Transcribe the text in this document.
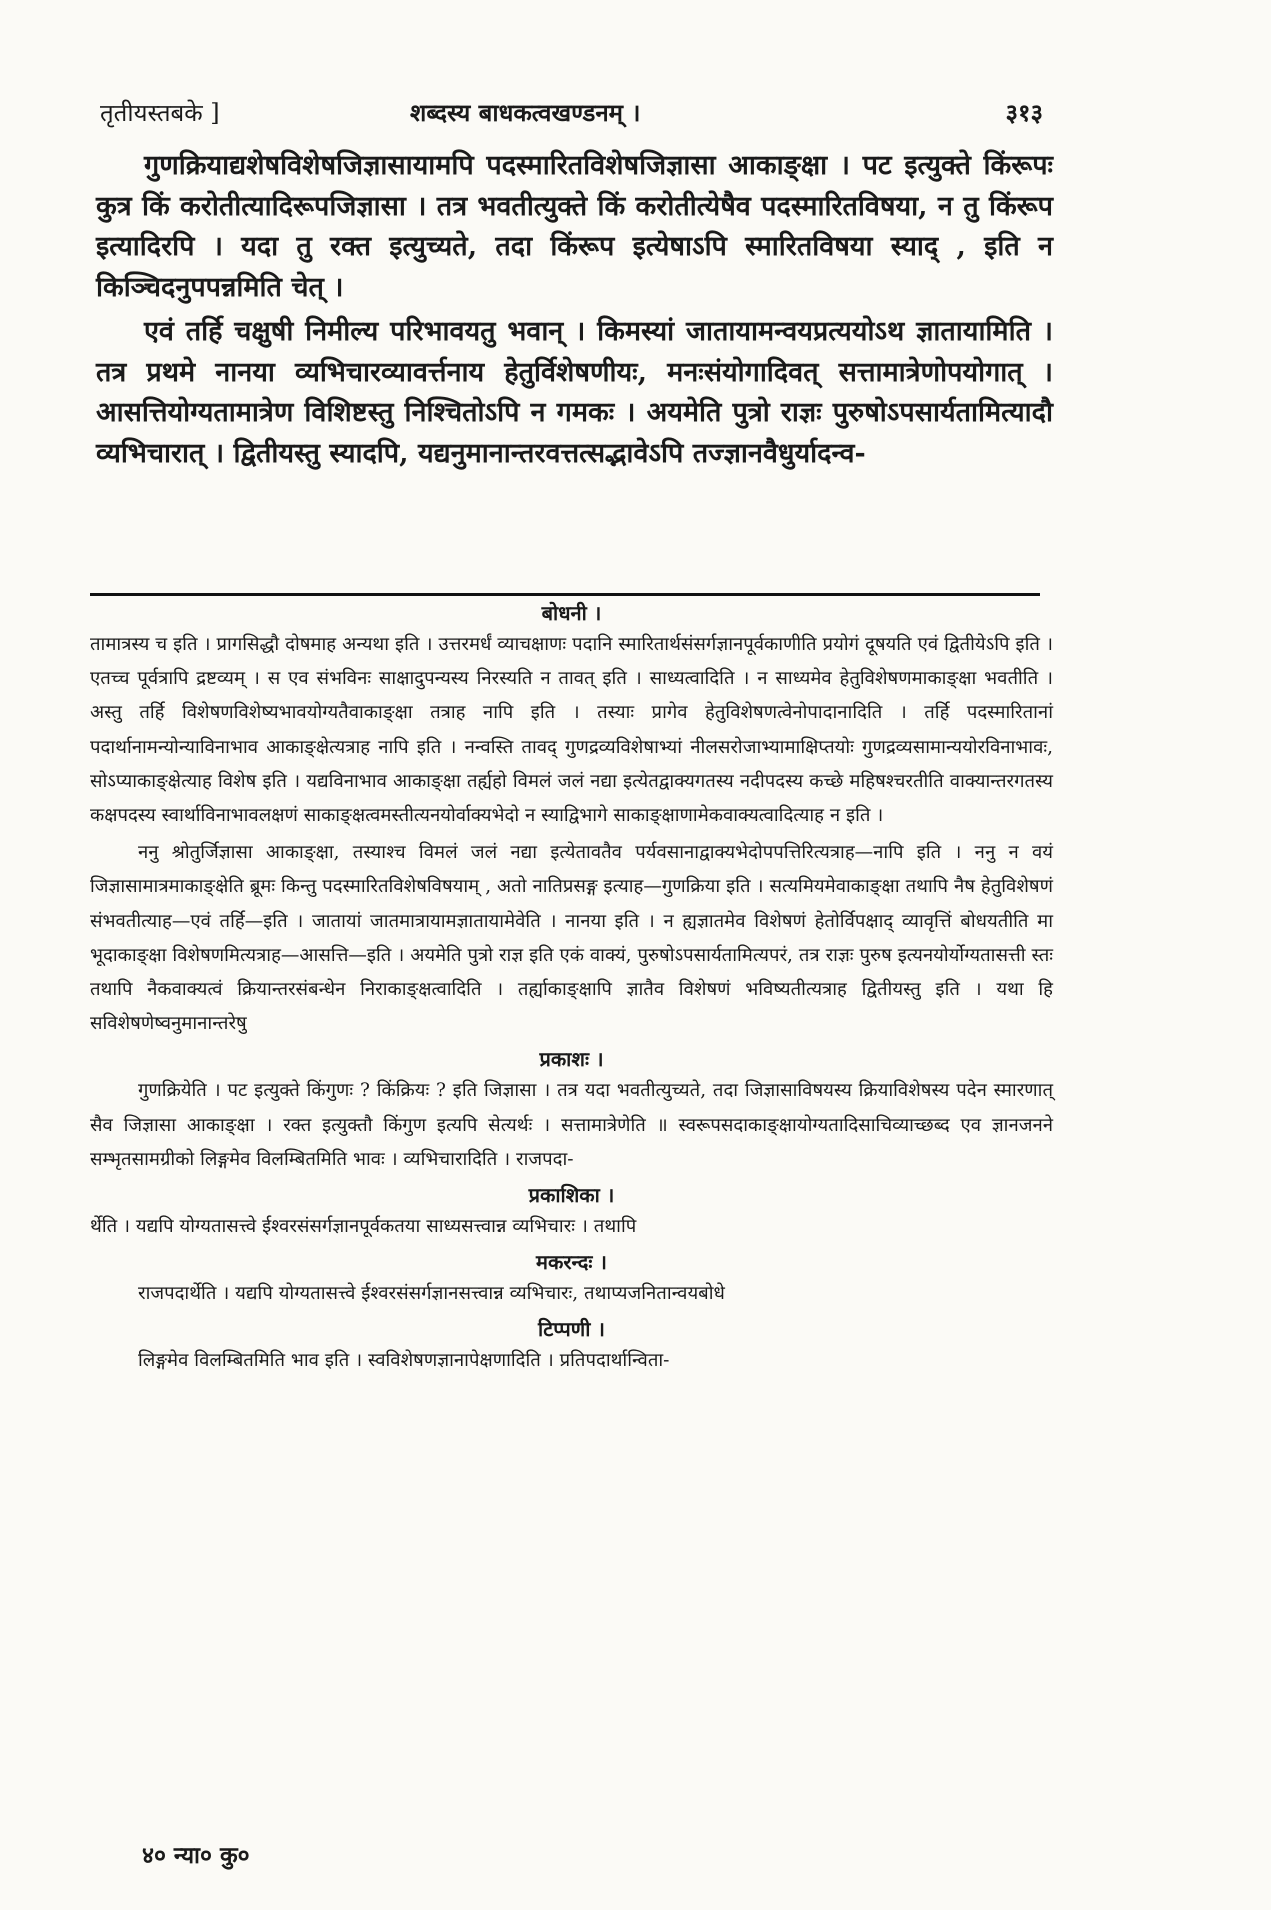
तृतीयस्तबके ]	शब्दस्य बाधकत्वखण्डनम् ।	३१३

गुणक्रियाद्यशेषविशेषजिज्ञासायामपि पदस्मारितविशेषजिज्ञासा आकाङ्क्षा । पट इत्युक्ते किंरूपः कुत्र किं करोतीत्यादिरूपजिज्ञासा । तत्र भवतीत्युक्ते किं करोतीत्येषैव पदस्मारितविषया, न तु किंरूप इत्यादिरपि । यदा तु रक्त इत्युच्यते, तदा किंरूप इत्येषाऽपि स्मारितविषया स्याद् , इति न किञ्चिदनुपपन्नमिति चेत् ।

एवं तर्हि चक्षुषी निमील्य परिभावयतु भवान् । किमस्यां जातायामन्वयप्रत्ययोऽथ ज्ञातायामिति । तत्र प्रथमे नानया व्यभिचारव्यावर्त्तनाय हेतुर्विशेषणीयः, मनःसंयोगादिवत् सत्तामात्रेणोपयोगात् । आसत्तियोग्यतामात्रेण विशिष्टस्तु निश्चितोऽपि न गमकः । अयमेति पुत्रो राज्ञः पुरुषोऽपसार्यतामित्यादौ व्यभिचारात् । द्वितीयस्तु स्यादपि, यद्यनुमानान्तरवत्तत्सद्भावेऽपि तज्ज्ञानवैधुर्यादन्व-

बोधनी ।

तामात्रस्य च इति । प्रागसिद्धौ दोषमाह अन्यथा इति । उत्तरमर्धं व्याचक्षाणः पदानि स्मारितार्थसंसर्गज्ञानपूर्वकाणीति प्रयोगं दूषयति एवं द्वितीयेऽपि इति । एतच्च पूर्वत्रापि द्रष्टव्यम् । स एव संभविनः साक्षादुपन्यस्य निरस्यति न तावत् इति । साध्यत्वादिति । न साध्यमेव हेतुविशेषणमाकाङ्क्षा भवतीति । अस्तु तर्हि विशेषणविशेष्यभावयोग्यतैवाकाङ्क्षा तत्राह नापि इति । तस्याः प्रागेव हेतुविशेषणत्वेनोपादानादिति । तर्हि पदस्मारितानां पदार्थानामन्योन्याविनाभाव आकाङ्क्षेत्यत्राह नापि इति । नन्वस्ति तावद् गुणद्रव्यविशेषाभ्यां नीलसरोजाभ्यामाक्षिप्तयोः गुणद्रव्यसामान्ययोरविनाभावः, सोऽप्याकाङ्क्षेत्याह विशेष इति । यद्यविनाभाव आकाङ्क्षा तर्ह्यहो विमलं जलं नद्या इत्येतद्वाक्यगतस्य नदीपदस्य कच्छे महिषश्चरतीति वाक्यान्तरगतस्य कक्षपदस्य स्वार्थाविनाभावलक्षणं साकाङ्क्षत्वमस्तीत्यनयोर्वाक्यभेदो न स्याद्विभागे साकाङ्क्षाणामेकवाक्यत्वादित्याह न इति ।

ननु श्रोतुर्जिज्ञासा आकाङ्क्षा, तस्याश्च विमलं जलं नद्या इत्येतावतैव पर्यवसानाद्वाक्यभेदोपपत्तिरित्यत्राह—नापि इति । ननु न वयं जिज्ञासामात्रमाकाङ्क्षेति ब्रूमः किन्तु पदस्मारितविशेषविषयाम् , अतो नातिप्रसङ्ग इत्याह—गुणक्रिया इति । सत्यमियमेवाकाङ्क्षा तथापि नैष हेतुविशेषणं संभवतीत्याह—एवं तर्हि—इति । जातायां जातमात्रायामज्ञातायामेवेति । नानया इति । न ह्यज्ञातमेव विशेषणं हेतोर्विपक्षाद् व्यावृत्तिं बोधयतीति मा भूदाकाङ्क्षा विशेषणमित्यत्राह—आसत्ति—इति । अयमेति पुत्रो राज्ञ इति एकं वाक्यं, पुरुषोऽपसार्यतामित्यपरं, तत्र राज्ञः पुरुष इत्यनयोर्योग्यतासत्ती स्तः तथापि नैकवाक्यत्वं क्रियान्तरसंबन्धेन निराकाङ्क्षत्वादिति । तर्ह्याकाङ्क्षापि ज्ञातैव विशेषणं भविष्यतीत्यत्राह द्वितीयस्तु इति । यथा हि सविशेषणेष्वनुमानान्तरेषु

प्रकाशः ।

गुणक्रियेति । पट इत्युक्ते किंगुणः ? किंक्रियः ? इति जिज्ञासा । तत्र यदा भवतीत्युच्यते, तदा जिज्ञासाविषयस्य क्रियाविशेषस्य पदेन स्मारणात् सैव जिज्ञासा आकाङ्क्षा । रक्त इत्युक्तौ किंगुण इत्यपि सेत्यर्थः । सत्तामात्रेणेति ॥ स्वरूपसदाकाङ्क्षायोग्यतादिसाचिव्याच्छब्द एव ज्ञानजनने सम्भृतसामग्रीको लिङ्गमेव विलम्बितमिति भावः । व्यभिचारादिति । राजपदा-

प्रकाशिका ।

र्थेति । यद्यपि योग्यतासत्त्वे ईश्वरसंसर्गज्ञानपूर्वकतया साध्यसत्त्वान्न व्यभिचारः । तथापि

मकरन्दः ।

राजपदार्थेति । यद्यपि योग्यतासत्त्वे ईश्वरसंसर्गज्ञानसत्त्वान्न व्यभिचारः, तथाप्यजनितान्वयबोधे

टिप्पणी ।

लिङ्गमेव विलम्बितमिति भाव इति । स्वविशेषणज्ञानापेक्षणादिति । प्रतिपदार्थान्विता-

४० न्या० कु०
